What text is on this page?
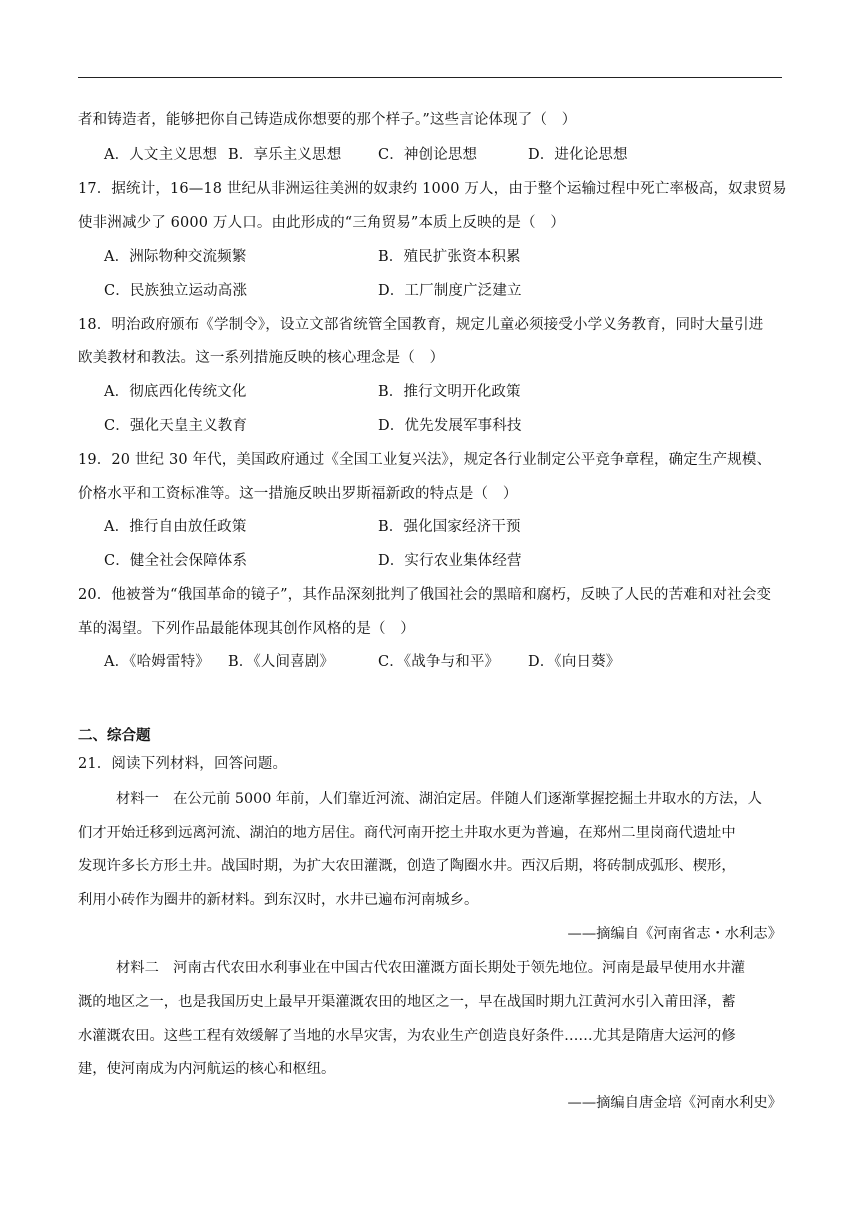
者和铸造者，能够把你自己铸造成你想要的那个样子。”这些言论体现了（　）
A．人文主义思想 B．享乐主义思想	C．神创论思想	D．进化论思想
17．据统计，16—18 世纪从非洲运往美洲的奴隶约 1000 万人，由于整个运输过程中死亡率极高，奴隶贸易
使非洲减少了 6000 万人口。由此形成的“三角贸易”本质上反映的是（　）
A．洲际物种交流频繁	B．殖民扩张资本积累
C．民族独立运动高涨	D．工厂制度广泛建立
18．明治政府颁布《学制令》，设立文部省统管全国教育，规定儿童必须接受小学义务教育，同时大量引进
欧美教材和教法。这一系列措施反映的核心理念是（　）
A．彻底西化传统文化	B．推行文明开化政策
C．强化天皇主义教育	D．优先发展军事科技
19．20 世纪 30 年代，美国政府通过《全国工业复兴法》，规定各行业制定公平竞争章程，确定生产规模、
价格水平和工资标准等。这一措施反映出罗斯福新政的特点是（　）
A．推行自由放任政策	B．强化国家经济干预
C．健全社会保障体系	D．实行农业集体经营
20．他被誉为“俄国革命的镜子”，其作品深刻批判了俄国社会的黑暗和腐朽，反映了人民的苦难和对社会变
革的渴望。下列作品最能体现其创作风格的是（　）
A．《哈姆雷特》 B．《人间喜剧》	C．《战争与和平》 D．《向日葵》
二、综合题
21．阅读下列材料，回答问题。
材料一　在公元前 5000 年前，人们靠近河流、湖泊定居。伴随人们逐渐掌握挖掘土井取水的方法，人
们才开始迁移到远离河流、湖泊的地方居住。商代河南开挖土井取水更为普遍，在郑州二里岗商代遗址中
发现许多长方形土井。战国时期，为扩大农田灌溉，创造了陶圈水井。西汉后期，将砖制成弧形、楔形，
利用小砖作为圈井的新材料。到东汉时，水井已遍布河南城乡。
——摘编自《河南省志・水利志》
材料二　河南古代农田水利事业在中国古代农田灌溉方面长期处于领先地位。河南是最早使用水井灌
溉的地区之一，也是我国历史上最早开渠灌溉农田的地区之一，早在战国时期九江黄河水引入莆田泽，蓄
水灌溉农田。这些工程有效缓解了当地的水旱灾害，为农业生产创造良好条件……尤其是隋唐大运河的修
建，使河南成为内河航运的核心和枢纽。
——摘编自唐金培《河南水利史》
